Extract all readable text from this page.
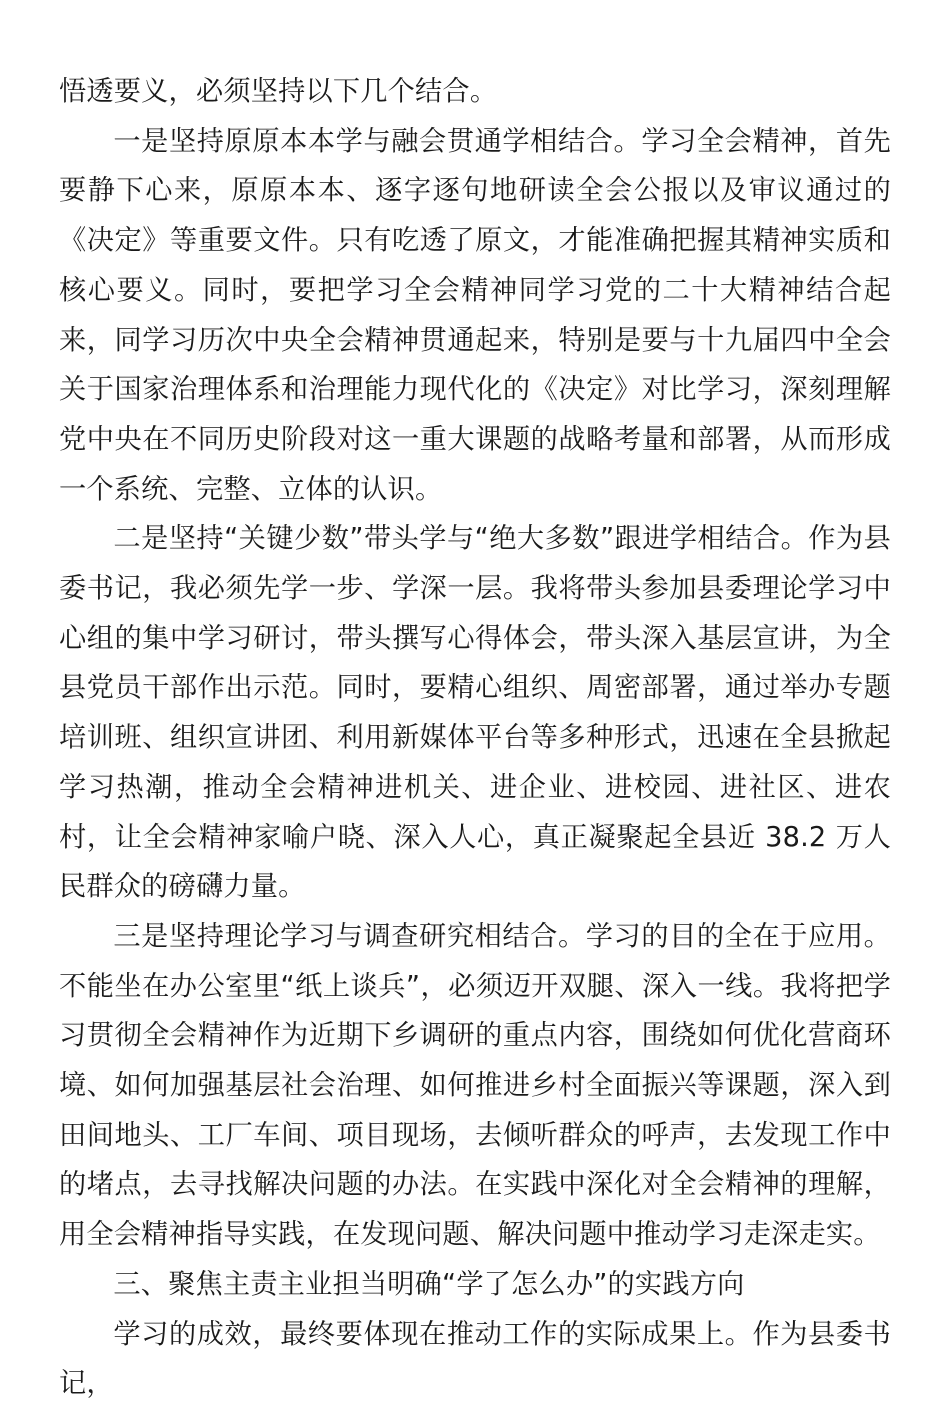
悟透要义，必须坚持以下几个结合。

一是坚持原原本本学与融会贯通学相结合。学习全会精神，首先要静下心来，原原本本、逐字逐句地研读全会公报以及审议通过的《决定》等重要文件。只有吃透了原文，才能准确把握其精神实质和核心要义。同时，要把学习全会精神同学习党的二十大精神结合起来，同学习历次中央全会精神贯通起来，特别是要与十九届四中全会关于国家治理体系和治理能力现代化的《决定》对比学习，深刻理解党中央在不同历史阶段对这一重大课题的战略考量和部署，从而形成一个系统、完整、立体的认识。

二是坚持“关键少数”带头学与“绝大多数”跟进学相结合。作为县委书记，我必须先学一步、学深一层。我将带头参加县委理论学习中心组的集中学习研讨，带头撰写心得体会，带头深入基层宣讲，为全县党员干部作出示范。同时，要精心组织、周密部署，通过举办专题培训班、组织宣讲团、利用新媒体平台等多种形式，迅速在全县掀起学习热潮，推动全会精神进机关、进企业、进校园、进社区、进农村，让全会精神家喻户晓、深入人心，真正凝聚起全县近 38.2 万人民群众的磅礴力量。

三是坚持理论学习与调查研究相结合。学习的目的全在于应用。不能坐在办公室里“纸上谈兵”，必须迈开双腿、深入一线。我将把学习贯彻全会精神作为近期下乡调研的重点内容，围绕如何优化营商环境、如何加强基层社会治理、如何推进乡村全面振兴等课题，深入到田间地头、工厂车间、项目现场，去倾听群众的呼声，去发现工作中的堵点，去寻找解决问题的办法。在实践中深化对全会精神的理解，用全会精神指导实践，在发现问题、解决问题中推动学习走深走实。

三、聚焦主责主业担当明确“学了怎么办”的实践方向

学习的成效，最终要体现在推动工作的实际成果上。作为县委书记，
